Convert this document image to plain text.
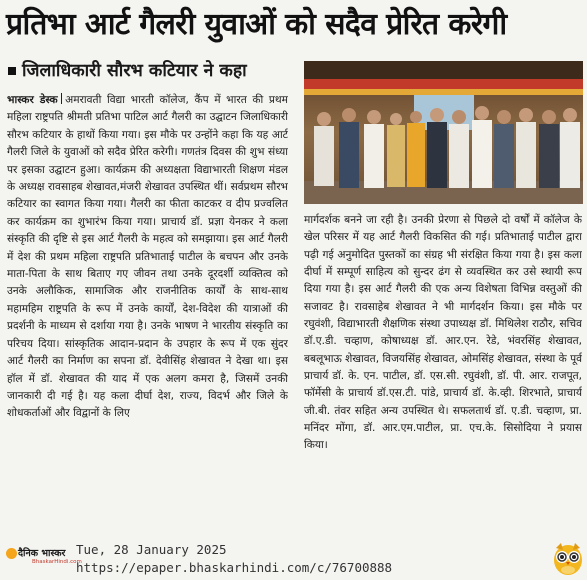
प्रतिभा आर्ट गैलरी युवाओं को सदैव प्रेरित करेगी
जिलाधिकारी सौरभ कटियार ने कहा
भास्कर डेस्क अमरावती विद्या भारती कॉलेज, कैंप में भारत की प्रथम महिला राष्ट्रपति श्रीमती प्रतिभा पाटिल आर्ट गैलरी का उद्घाटन जिलाधिकारी सौरभ कटियार के हाथों किया गया। इस मौके पर उन्होंने कहा कि यह आर्ट गैलरी जिले के युवाओं को सदैव प्रेरित करेगी। गणतंत्र दिवस की शुभ संध्या पर इसका उद्घाटन हुआ। कार्यक्रम की अध्यक्षता विद्याभारती शिक्षण मंडल के अध्यक्ष रावसाहब शेखावत,मंजरी शेखावत उपस्थित थीं। सर्वप्रथम सौरभ कटियार का स्वागत किया गया। गैलरी का फीता काटकर व दीप प्रज्वलित कर कार्यक्रम का शुभारंभ किया गया। प्राचार्य डॉ. प्रज्ञा येनकर ने कला संस्कृति की दृष्टि से इस आर्ट गैलरी के महत्व को समझाया। इस आर्ट गैलरी में देश की प्रथम महिला राष्ट्रपति प्रतिभाताई पाटील के बचपन और उनके माता-पिता के साथ बिताए गए जीवन तथा उनके दूरदर्शी व्यक्तित्व को उनके अलौकिक, सामाजिक और राजनीतिक कार्यों के साथ-साथ महामहिम राष्ट्रपति के रूप में उनके कार्यों, देश-विदेश की यात्राओं की प्रदर्शनी के माध्यम से दर्शाया गया है। उनके भाषण ने भारतीय संस्कृति का परिचय दिया। सांस्कृतिक आदान-प्रदान के उपहार के रूप में एक सुंदर आर्ट गैलरी का निर्माण का सपना डॉ. देवीसिंह शेखावत ने देखा था। इस हॉल में डॉ. शेखावत की याद में एक अलग कमरा है, जिसमें उनकी जानकारी दी गई है। यह कला दीर्घा देश, राज्य, विदर्भ और जिले के शोधकर्ताओं और विद्वानों के लिए
मार्गदर्शक बनने जा रही है। उनकी प्रेरणा से पिछले दो वर्षों में कॉलेज के खेल परिसर में यह आर्ट गैलरी विकसित की गई। प्रतिभाताई पाटील द्वारा पढ़ी गई अनुमोदित पुस्तकों का संग्रह भी संरक्षित किया गया है। इस कला दीर्घा में सम्पूर्ण साहित्य को सुन्दर ढंग से व्यवस्थित कर उसे स्थायी रूप दिया गया है। इस आर्ट गैलरी की एक अन्य विशेषता विभिन्न वस्तुओं की सजावट है। रावसाहेब शेखावत ने भी मार्गदर्शन किया। इस मौके पर रघुवंशी, विद्याभारती शैक्षणिक संस्था उपाध्यक्ष डॉ. मिथिलेश राठौर, सचिव डॉ.ए.डी. चव्हाण, कोषाध्यक्ष डॉ. आर.एन. रेडे, भंवरसिंह शेखावत, बबलूभाऊ शेखावत, विजयसिंह शेखावत, ओमसिंह शेखावत, संस्था के पूर्व प्राचार्य डॉ. के. एन. पाटील, डॉ. एस.सी. रघुवंशी, डॉ. पी. आर. राजपूत, फॉर्मेसी के प्राचार्य डॉ.एस.टी. पांडे, प्राचार्य डॉ. के.व्ही. शिरभाते, प्राचार्य जी.बी. तंवर सहित अन्य उपस्थित थे। सफलतार्थ डॉ. ए.डी. चव्हाण, प्रा. मनिंदर मोंगा, डॉ. आर.एम.पाटील, प्रा. एच.के. सिसोदिया ने प्रयास किया।
दैनिक भास्कर
BhaskarHindi.com
Tue, 28 January 2025
https://epaper.bhaskarhindi.com/c/76700888
